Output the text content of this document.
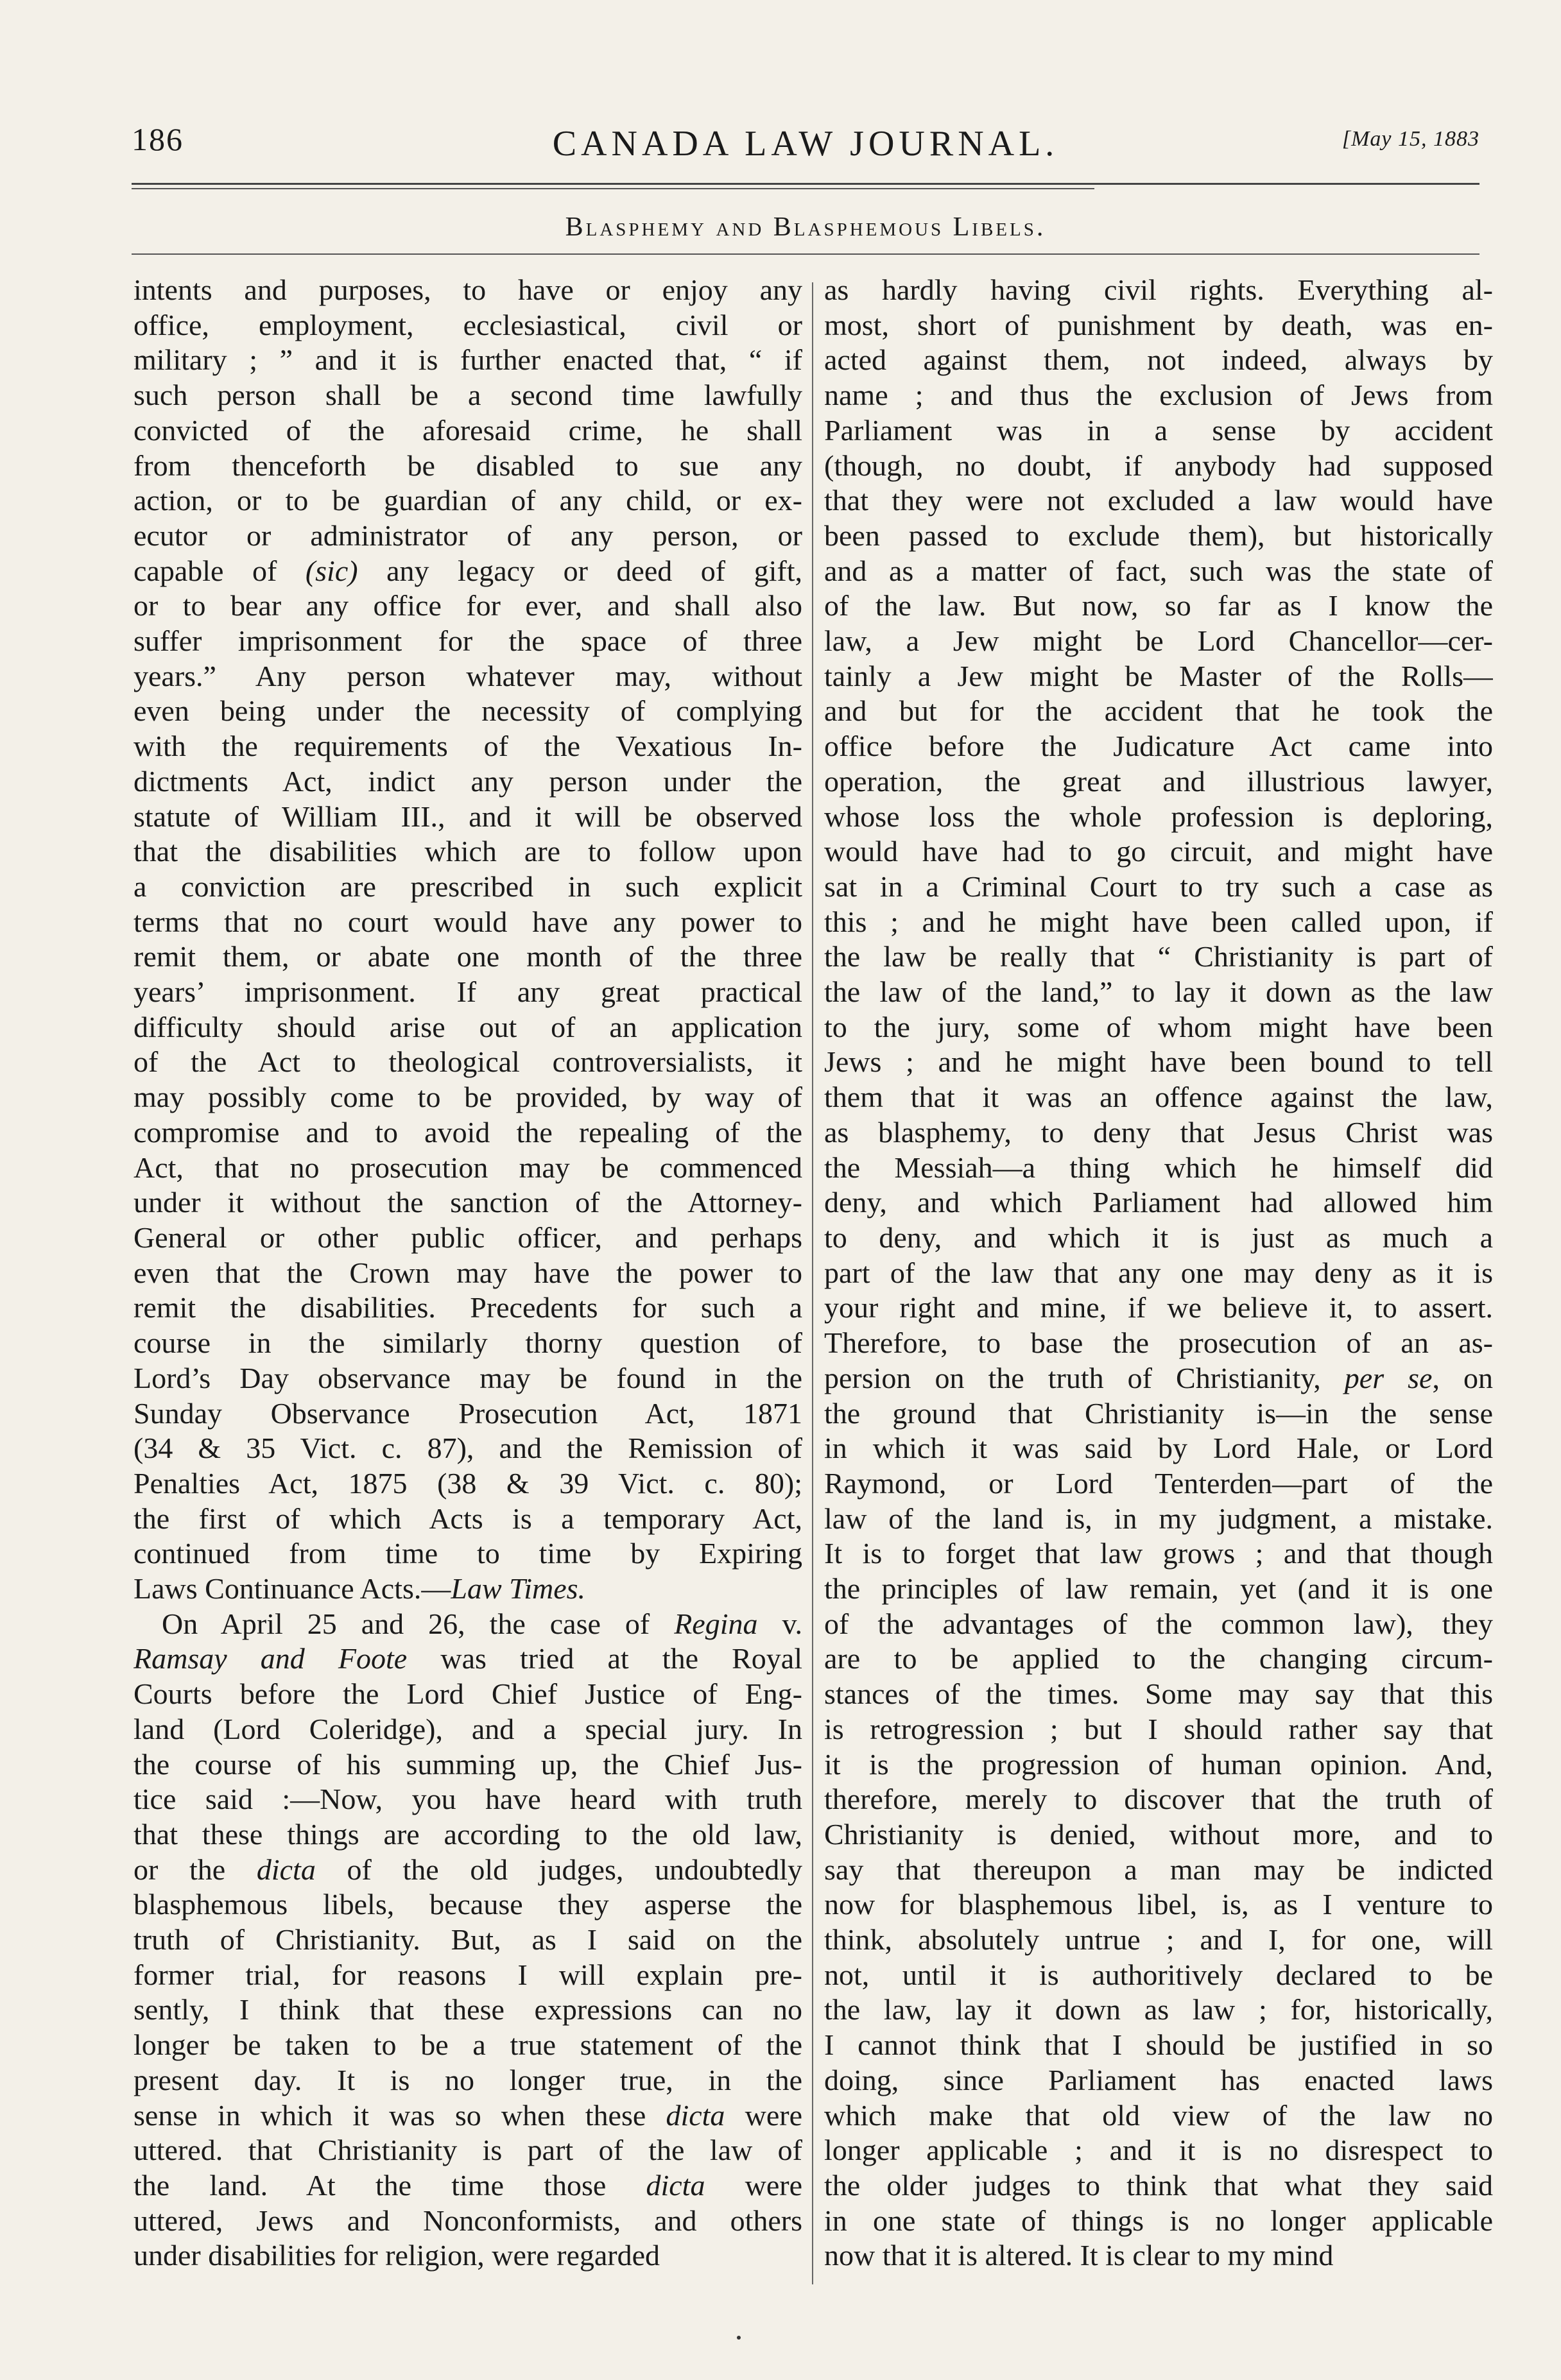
186	CANADA LAW JOURNAL.	[May 15, 1883
Blasphemy and Blasphemous Libels.
intents and purposes, to have or enjoy any
office, employment, ecclesiastical, civil or
military ; ” and it is further enacted that, “ if
such person shall be a second time lawfully
convicted of the aforesaid crime, he shall
from thenceforth be disabled to sue any
action, or to be guardian of any child, or ex-
ecutor or administrator of any person, or
capable of (sic) any legacy or deed of gift,
or to bear any office for ever, and shall also
suffer imprisonment for the space of three
years.” Any person whatever may, without
even being under the necessity of complying
with the requirements of the Vexatious In-
dictments Act, indict any person under the
statute of William III., and it will be observed
that the disabilities which are to follow upon
a conviction are prescribed in such explicit
terms that no court would have any power to
remit them, or abate one month of the three
years’ imprisonment. If any great practical
difficulty should arise out of an application
of the Act to theological controversialists, it
may possibly come to be provided, by way of
compromise and to avoid the repealing of the
Act, that no prosecution may be commenced
under it without the sanction of the Attorney-
General or other public officer, and perhaps
even that the Crown may have the power to
remit the disabilities. Precedents for such a
course in the similarly thorny question of
Lord’s Day observance may be found in the
Sunday Observance Prosecution Act, 1871
(34 & 35 Vict. c. 87), and the Remission of
Penalties Act, 1875 (38 & 39 Vict. c. 80);
the first of which Acts is a temporary Act,
continued from time to time by Expiring
Laws Continuance Acts.—Law Times.
On April 25 and 26, the case of Regina v.
Ramsay and Foote was tried at the Royal
Courts before the Lord Chief Justice of Eng-
land (Lord Coleridge), and a special jury. In
the course of his summing up, the Chief Jus-
tice said :—Now, you have heard with truth
that these things are according to the old law,
or the dicta of the old judges, undoubtedly
blasphemous libels, because they asperse the
truth of Christianity. But, as I said on the
former trial, for reasons I will explain pre-
sently, I think that these expressions can no
longer be taken to be a true statement of the
present day. It is no longer true, in the
sense in which it was so when these dicta were
uttered. that Christianity is part of the law of
the land. At the time those dicta were
uttered, Jews and Nonconformists, and others
under disabilities for religion, were regarded
as hardly having civil rights. Everything al-
most, short of punishment by death, was en-
acted against them, not indeed, always by
name ; and thus the exclusion of Jews from
Parliament was in a sense by accident
(though, no doubt, if anybody had supposed
that they were not excluded a law would have
been passed to exclude them), but historically
and as a matter of fact, such was the state of
of the law. But now, so far as I know the
law, a Jew might be Lord Chancellor—cer-
tainly a Jew might be Master of the Rolls—
and but for the accident that he took the
office before the Judicature Act came into
operation, the great and illustrious lawyer,
whose loss the whole profession is deploring,
would have had to go circuit, and might have
sat in a Criminal Court to try such a case as
this ; and he might have been called upon, if
the law be really that “ Christianity is part of
the law of the land,” to lay it down as the law
to the jury, some of whom might have been
Jews ; and he might have been bound to tell
them that it was an offence against the law,
as blasphemy, to deny that Jesus Christ was
the Messiah—a thing which he himself did
deny, and which Parliament had allowed him
to deny, and which it is just as much a
part of the law that any one may deny as it is
your right and mine, if we believe it, to assert.
Therefore, to base the prosecution of an as-
persion on the truth of Christianity, per se, on
the ground that Christianity is—in the sense
in which it was said by Lord Hale, or Lord
Raymond, or Lord Tenterden—part of the
law of the land is, in my judgment, a mistake.
It is to forget that law grows ; and that though
the principles of law remain, yet (and it is one
of the advantages of the common law), they
are to be applied to the changing circum-
stances of the times. Some may say that this
is retrogression ; but I should rather say that
it is the progression of human opinion. And,
therefore, merely to discover that the truth of
Christianity is denied, without more, and to
say that thereupon a man may be indicted
now for blasphemous libel, is, as I venture to
think, absolutely untrue ; and I, for one, will
not, until it is authoritively declared to be
the law, lay it down as law ; for, historically,
I cannot think that I should be justified in so
doing, since Parliament has enacted laws
which make that old view of the law no
longer applicable ; and it is no disrespect to
the older judges to think that what they said
in one state of things is no longer applicable
now that it is altered. It is clear to my mind
